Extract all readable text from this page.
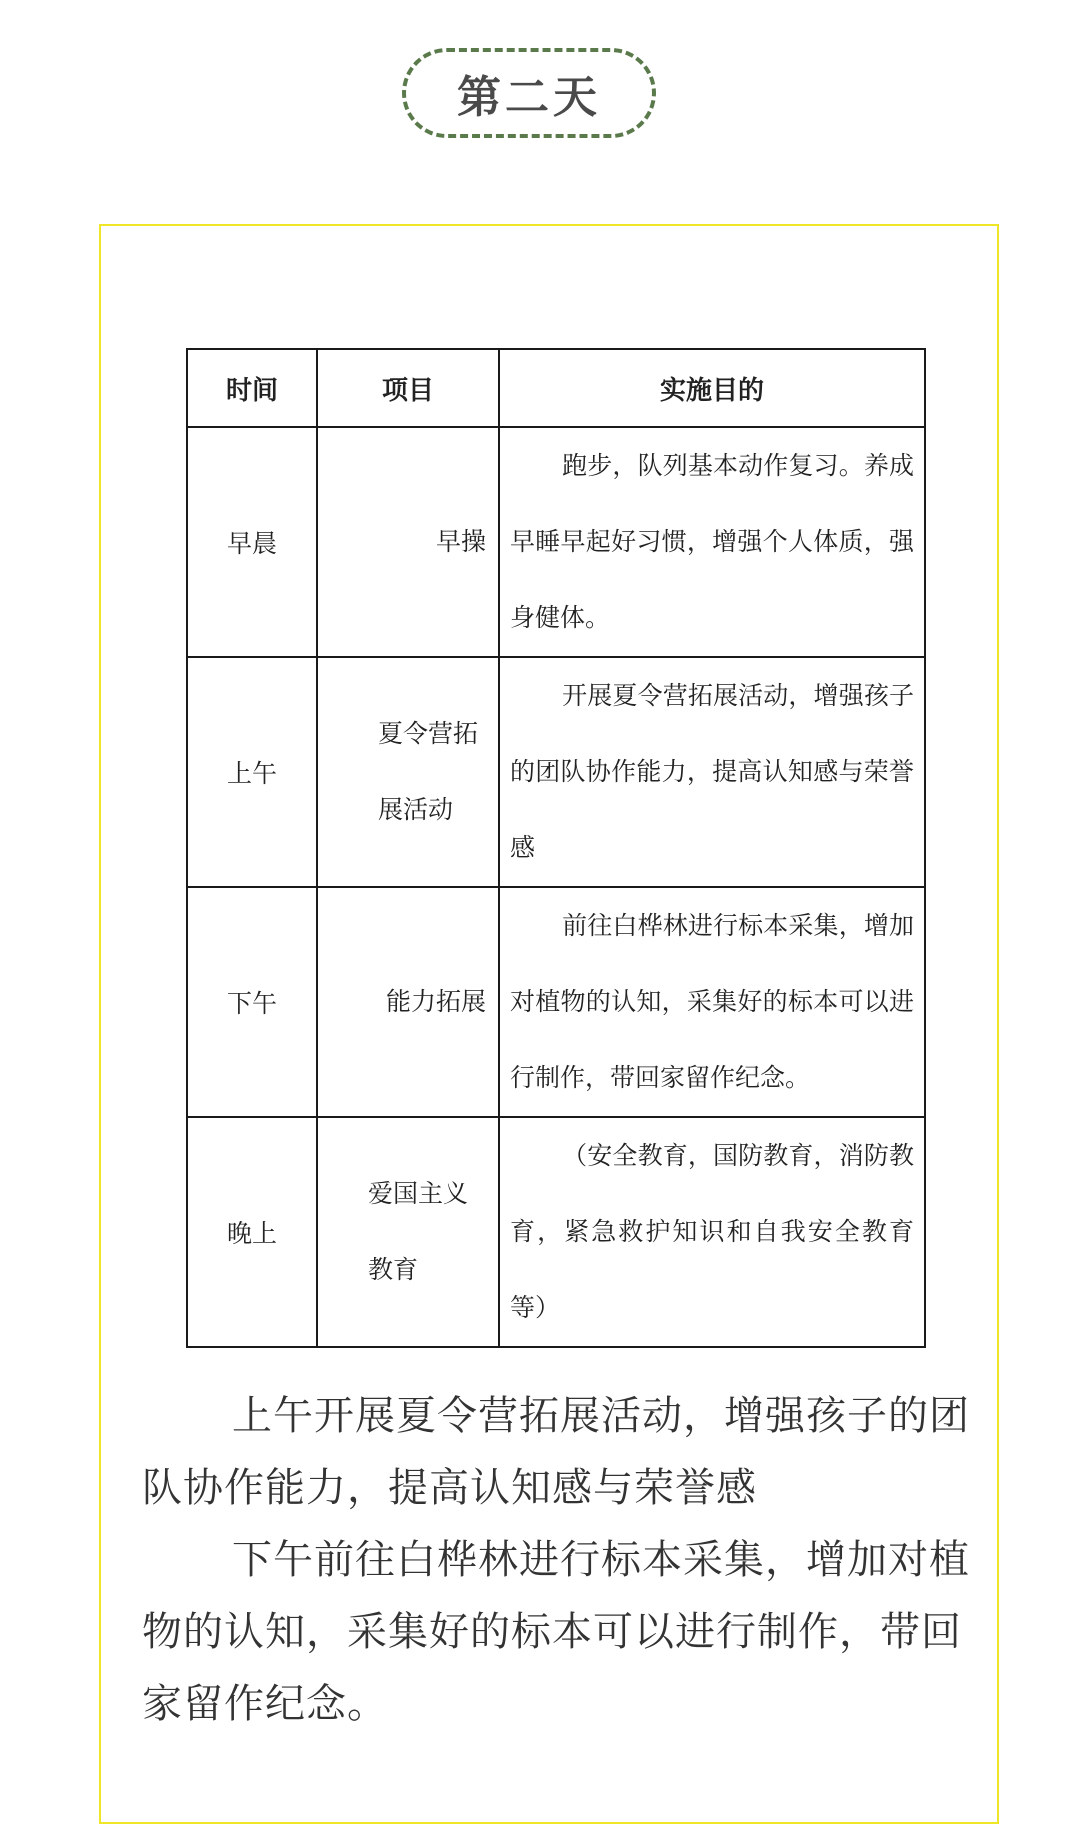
第二天
时间	项目	实施目的
早晨	早操	跑步，队列基本动作复习。养成早睡早起好习惯，增强个人体质，强身健体。
上午	夏令营拓展活动	开展夏令营拓展活动，增强孩子的团队协作能力，提高认知感与荣誉感
下午	能力拓展	前往白桦林进行标本采集，增加对植物的认知，采集好的标本可以进行制作，带回家留作纪念。
晚上	爱国主义教育	（安全教育，国防教育，消防教育，紧急救护知识和自我安全教育等）

上午开展夏令营拓展活动，增强孩子的团队协作能力，提高认知感与荣誉感

下午前往白桦林进行标本采集，增加对植物的认知，采集好的标本可以进行制作，带回家留作纪念。
